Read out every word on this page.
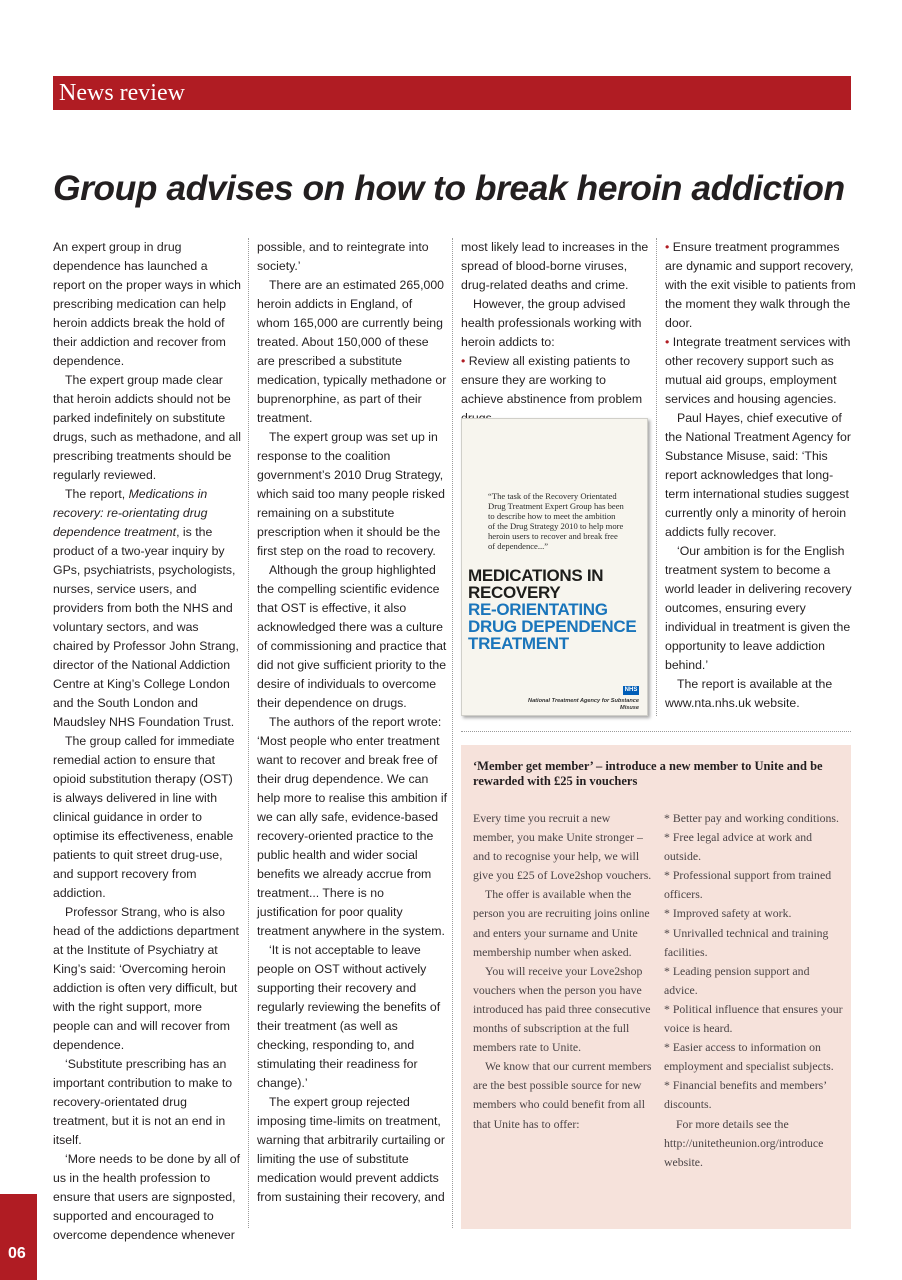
News review
Group advises on how to break heroin addiction

An expert group in drug dependence has launched a report on the proper ways in which prescribing medication can help heroin addicts break the hold of their addiction and recover from dependence.

The expert group made clear that heroin addicts should not be parked indefinitely on substitute drugs, such as methadone, and all prescribing treatments should be regularly reviewed.

The report, Medications in recovery: re-orientating drug dependence treatment, is the product of a two-year inquiry by GPs, psychiatrists, psychologists, nurses, service users, and providers from both the NHS and voluntary sectors, and was chaired by Professor John Strang, director of the National Addiction Centre at King’s College London and the South London and Maudsley NHS Foundation Trust.

The group called for immediate remedial action to ensure that opioid substitution therapy (OST) is always delivered in line with clinical guidance in order to optimise its effectiveness, enable patients to quit street drug-use, and support recovery from addiction.

Professor Strang, who is also head of the addictions department at the Institute of Psychiatry at King’s said: ‘Overcoming heroin addiction is often very difficult, but with the right support, more people can and will recover from dependence.

‘Substitute prescribing has an important contribution to make to recovery-orientated drug treatment, but it is not an end in itself.

‘More needs to be done by all of us in the health profession to ensure that users are signposted, supported and encouraged to overcome dependence whenever

possible, and to reintegrate into society.’

There are an estimated 265,000 heroin addicts in England, of whom 165,000 are currently being treated. About 150,000 of these are prescribed a substitute medication, typically methadone or buprenorphine, as part of their treatment.

The expert group was set up in response to the coalition government’s 2010 Drug Strategy, which said too many people risked remaining on a substitute prescription when it should be the first step on the road to recovery.

Although the group highlighted the compelling scientific evidence that OST is effective, it also acknowledged there was a culture of commissioning and practice that did not give sufficient priority to the desire of individuals to overcome their dependence on drugs.

The authors of the report wrote: ‘Most people who enter treatment want to recover and break free of their drug dependence. We can help more to realise this ambition if we can ally safe, evidence-based recovery-oriented practice to the public health and wider social benefits we already accrue from treatment... There is no justification for poor quality treatment anywhere in the system.

‘It is not acceptable to leave people on OST without actively supporting their recovery and regularly reviewing the benefits of their treatment (as well as checking, responding to, and stimulating their readiness for change).’

The expert group rejected imposing time-limits on treatment, warning that arbitrarily curtailing or limiting the use of substitute medication would prevent addicts from sustaining their recovery, and

most likely lead to increases in the spread of blood-borne viruses, drug-related deaths and crime.

However, the group advised health professionals working with heroin addicts to:

• Review all existing patients to ensure they are working to achieve abstinence from problem

• Ensure treatment programmes are dynamic and support recovery, with the exit visible to patients from the moment they walk through the door.

• Integrate treatment services with other recovery support such as mutual aid groups, employment services and housing agencies.

Paul Hayes, chief executive of the National Treatment Agency for Substance Misuse, said: ‘This report acknowledges that long-term international studies suggest currently only a minority of heroin addicts fully recover.

‘Our ambition is for the English treatment system to become a world leader in delivering recovery outcomes, ensuring every individual in treatment is given the opportunity to leave addiction behind.’

The report is available at the www.nta.nhs.uk website.

“The task of the Recovery Orientated Drug Treatment Expert Group has been to describe how to meet the ambition of the Drug Strategy 2010 to help more heroin users to recover and break free of dependence...”
MEDICATIONS IN
RECOVERY
RE-ORIENTATING
DRUG DEPENDENCE
TREATMENT
NHS
National Treatment Agency for Substance Misuse
‘Member get member’ – introduce a new member to Unite and be rewarded with £25 in vouchers

Every time you recruit a new member, you make Unite stronger – and to recognise your help, we will give you £25 of Love2shop vouchers.

The offer is available when the person you are recruiting joins online and enters your surname and Unite membership number when asked.

You will receive your Love2shop vouchers when the person you have introduced has paid three consecutive months of subscription at the full members rate to Unite.

We know that our current members are the best possible source for new members who could benefit from all that Unite has to offer:

* Better pay and working conditions.

* Free legal advice at work and outside.

* Professional support from trained officers.

* Improved safety at work.

* Unrivalled technical and training facilities.

* Leading pension support and advice.

* Political influence that ensures your voice is heard.

* Easier access to information on employment and specialist subjects.

* Financial benefits and members’ discounts.

For more details see the http://unitetheunion.org/introduce website.

06
